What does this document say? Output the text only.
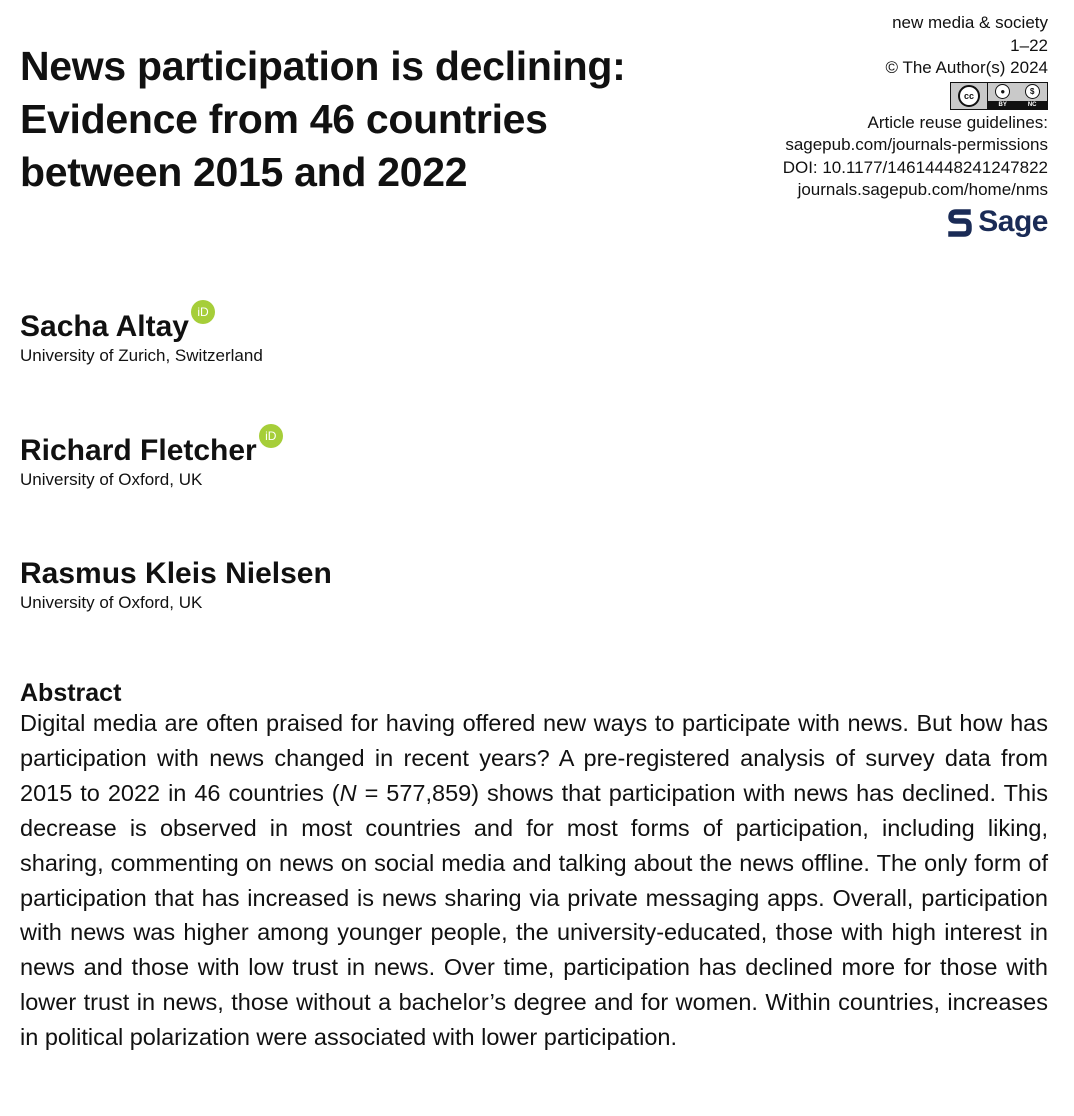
News participation is declining:
Evidence from 46 countries
between 2015 and 2022
new media & society
1–22
© The Author(s) 2024
cc	●	$
BY	NC
Article reuse guidelines:
sagepub.com/journals-permissions
DOI: 10.1177/14614448241247822
journals.sagepub.com/home/nms
Sage
Sacha Altay iD
University of Zurich, Switzerland
Richard Fletcher iD
University of Oxford, UK
Rasmus Kleis Nielsen
University of Oxford, UK
Abstract

Digital media are often praised for having offered new ways to participate with news. But how has participation with news changed in recent years? A pre-registered analysis of survey data from 2015 to 2022 in 46 countries (N = 577,859) shows that participation with news has declined. This decrease is observed in most countries and for most forms of participation, including liking, sharing, commenting on news on social media and talking about the news offline. The only form of participation that has increased is news sharing via private messaging apps. Overall, participation with news was higher among younger people, the university-educated, those with high interest in news and those with low trust in news. Over time, participation has declined more for those with lower trust in news, those without a bachelor’s degree and for women. Within countries, increases in political polarization were associated with lower participation.
